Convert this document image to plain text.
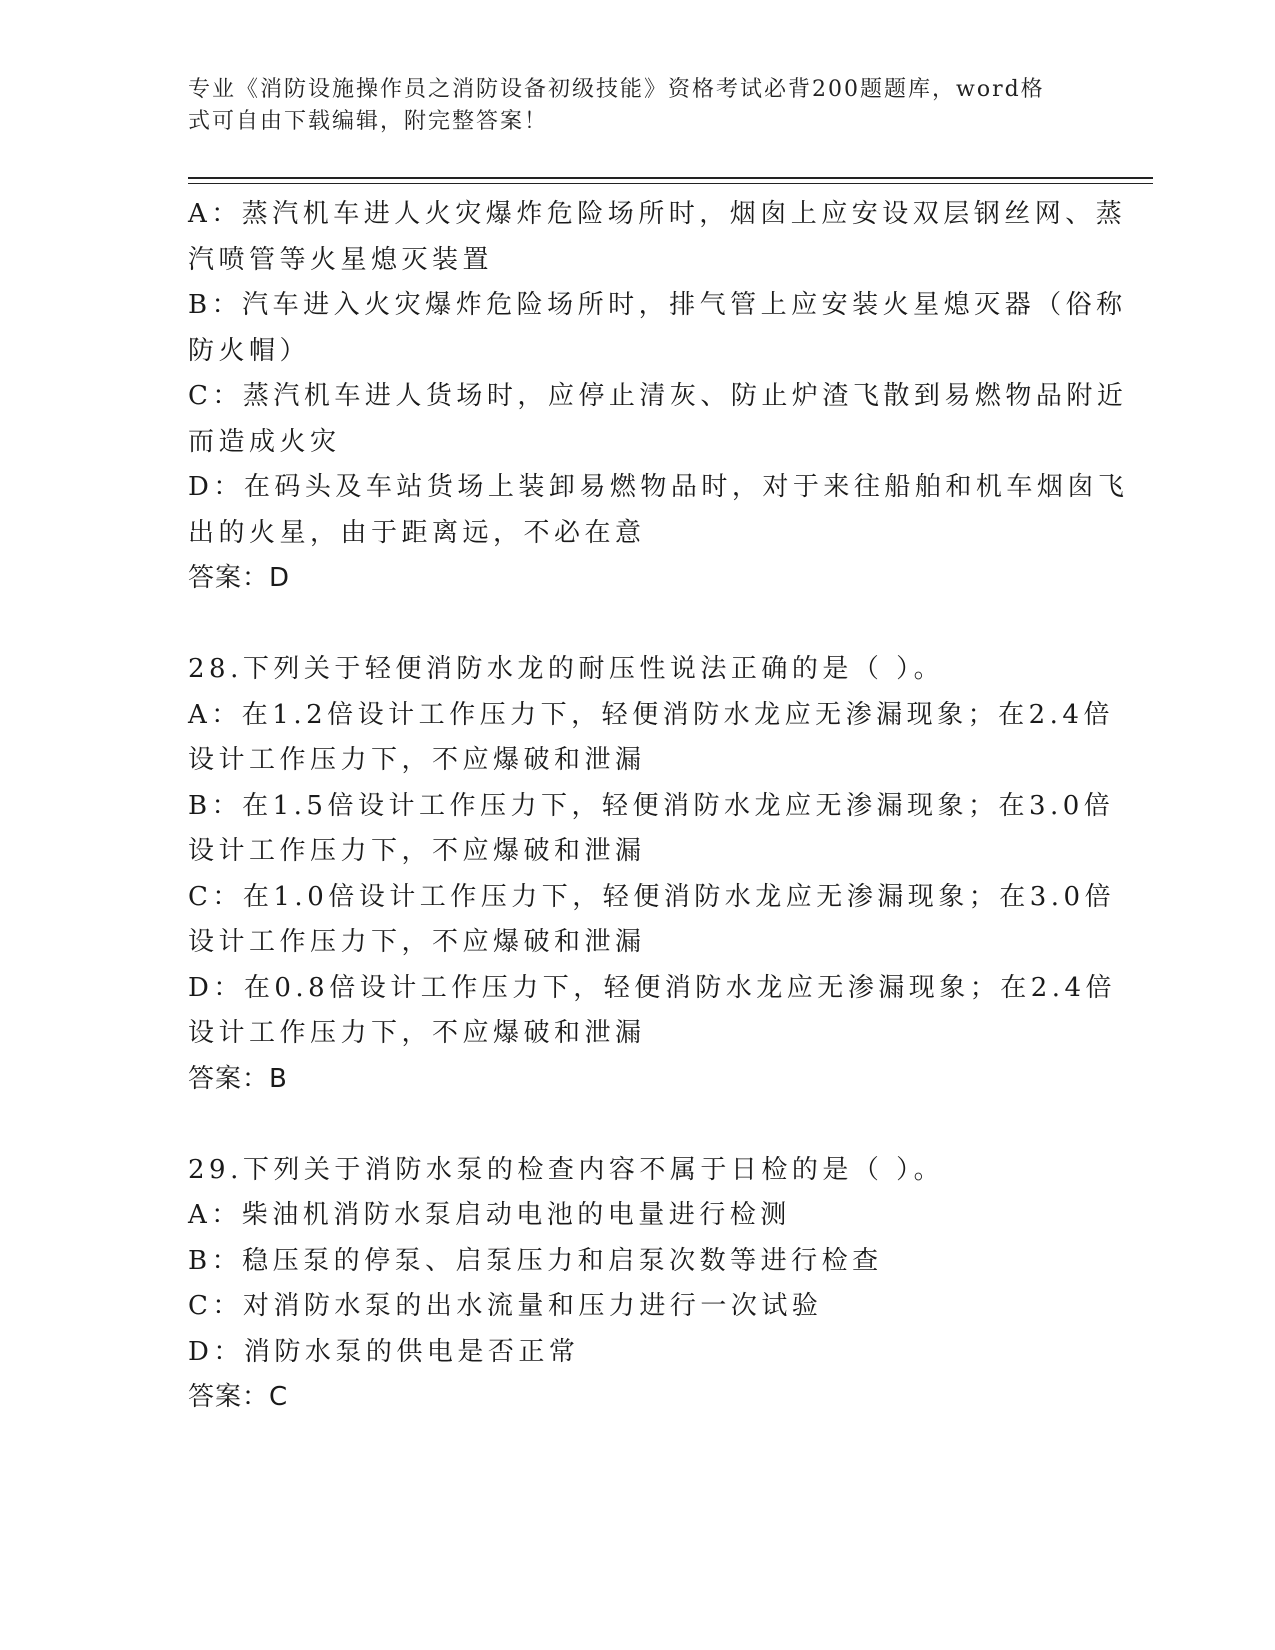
专业《消防设施操作员之消防设备初级技能》资格考试必背200题题库，word格
式可自由下载编辑，附完整答案！
A：蒸汽机车进人火灾爆炸危险场所时，烟囱上应安设双层钢丝网、蒸
汽喷管等火星熄灭装置
B：汽车进入火灾爆炸危险场所时，排气管上应安装火星熄灭器（俗称
防火帽）
C：蒸汽机车进人货场时，应停止清灰、防止炉渣飞散到易燃物品附近
而造成火灾
D：在码头及车站货场上装卸易燃物品时，对于来往船舶和机车烟囱飞
出的火星，由于距离远，不必在意
答案：D
28.下列关于轻便消防水龙的耐压性说法正确的是（ ）。
A：在1.2倍设计工作压力下，轻便消防水龙应无渗漏现象；在2.4倍
设计工作压力下，不应爆破和泄漏
B：在1.5倍设计工作压力下，轻便消防水龙应无渗漏现象；在3.0倍
设计工作压力下，不应爆破和泄漏
C：在1.0倍设计工作压力下，轻便消防水龙应无渗漏现象；在3.0倍
设计工作压力下，不应爆破和泄漏
D：在0.8倍设计工作压力下，轻便消防水龙应无渗漏现象；在2.4倍
设计工作压力下，不应爆破和泄漏
答案：B
29.下列关于消防水泵的检查内容不属于日检的是（ ）。
A：柴油机消防水泵启动电池的电量进行检测
B：稳压泵的停泵、启泵压力和启泵次数等进行检查
C：对消防水泵的出水流量和压力进行一次试验
D：消防水泵的供电是否正常
答案：C
